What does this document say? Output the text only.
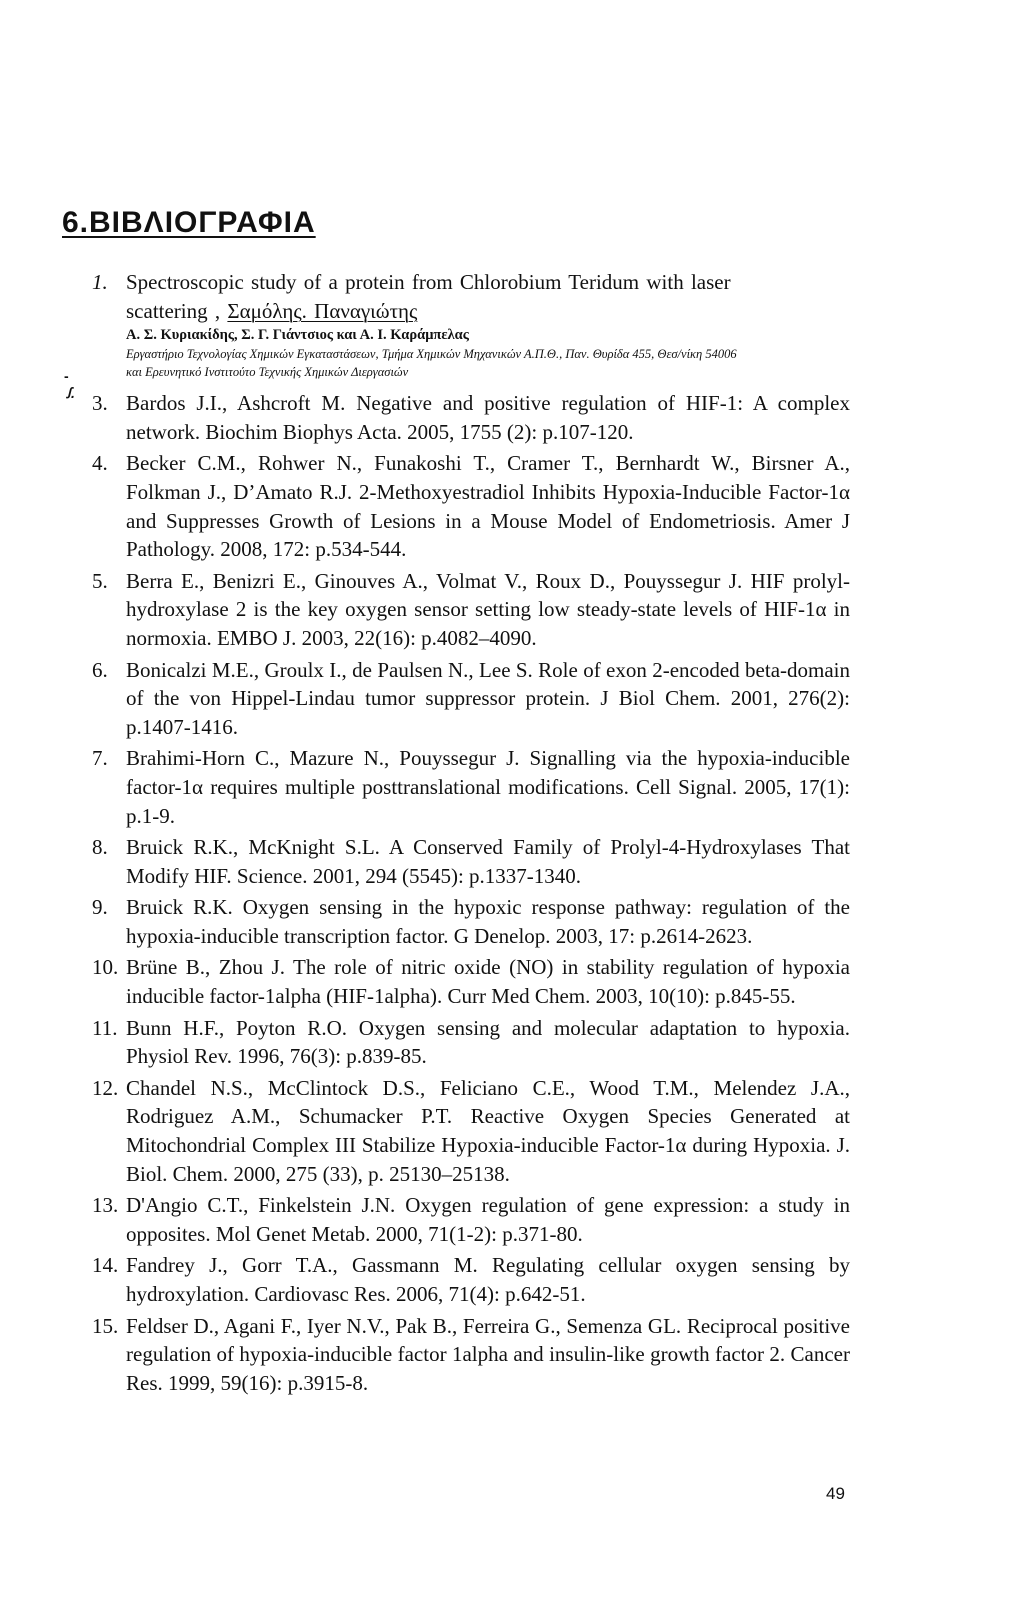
6.ΒΙΒΛΙΟΓΡΑΦΙΑ
-
ꭍ.
1. Spectroscopic study of a protein from Chlorobium Teridum with laser
scattering , Σαμόλης. Παναγιώτης
Α. Σ. Κυριακίδης, Σ. Γ. Γιάντσιος και Α. Ι. Καράμπελας
Εργαστήριο Τεχνολογίας Χημικών Εγκαταστάσεων, Τμήμα Χημικών Μηχανικών Α.Π.Θ., Παν. Θυρίδα 455, Θεσ/νίκη 54006
και Ερευνητικό Ινστιτούτο Τεχνικής Χημικών Διεργασιών
3. Bardos J.I., Ashcroft M. Negative and positive regulation of HIF-1: A complex network. Biochim Biophys Acta. 2005, 1755 (2): p.107-120.
4. Becker C.M., Rohwer N., Funakoshi T., Cramer T., Bernhardt W., Birsner A., Folkman J., D’Amato R.J. 2-Methoxyestradiol Inhibits Hypoxia-Inducible Factor-1α and Suppresses Growth of Lesions in a Mouse Model of Endometriosis. Amer J Pathology. 2008, 172: p.534-544.
5. Berra E., Benizri E., Ginouves A., Volmat V., Roux D., Pouyssegur J. HIF prolyl-hydroxylase 2 is the key oxygen sensor setting low steady-state levels of HIF-1α in normoxia. EMBO J. 2003, 22(16): p.4082–4090.
6. Bonicalzi M.E., Groulx I., de Paulsen N., Lee S. Role of exon 2-encoded beta-domain of the von Hippel-Lindau tumor suppressor protein. J Biol Chem. 2001, 276(2): p.1407-1416.
7. Brahimi-Horn C., Mazure N., Pouyssegur J. Signalling via the hypoxia-inducible factor-1α requires multiple posttranslational modifications. Cell Signal. 2005, 17(1): p.1-9.
8. Bruick R.K., McKnight S.L. A Conserved Family of Prolyl-4-Hydroxylases That Modify HIF. Science. 2001, 294 (5545): p.1337-1340.
9. Bruick R.K. Oxygen sensing in the hypoxic response pathway: regulation of the hypoxia-inducible transcription factor. G Denelop. 2003, 17: p.2614-2623.
10. Brüne B., Zhou J. The role of nitric oxide (NO) in stability regulation of hypoxia inducible factor-1alpha (HIF-1alpha). Curr Med Chem. 2003, 10(10): p.845-55.
11. Bunn H.F., Poyton R.O. Oxygen sensing and molecular adaptation to hypoxia. Physiol Rev. 1996, 76(3): p.839-85.
12. Chandel N.S., McClintock D.S., Feliciano C.E., Wood T.M., Melendez J.A., Rodriguez A.M., Schumacker P.T. Reactive Oxygen Species Generated at Mitochondrial Complex III Stabilize Hypoxia-inducible Factor-1α during Hypoxia. J. Biol. Chem. 2000, 275 (33), p. 25130–25138.
13. D'Angio C.T., Finkelstein J.N. Oxygen regulation of gene expression: a study in opposites. Mol Genet Metab. 2000, 71(1-2): p.371-80.
14. Fandrey J., Gorr T.A., Gassmann M. Regulating cellular oxygen sensing by hydroxylation. Cardiovasc Res. 2006, 71(4): p.642-51.
15. Feldser D., Agani F., Iyer N.V., Pak B., Ferreira G., Semenza GL. Reciprocal positive regulation of hypoxia-inducible factor 1alpha and insulin-like growth factor 2. Cancer Res. 1999, 59(16): p.3915-8.
49
